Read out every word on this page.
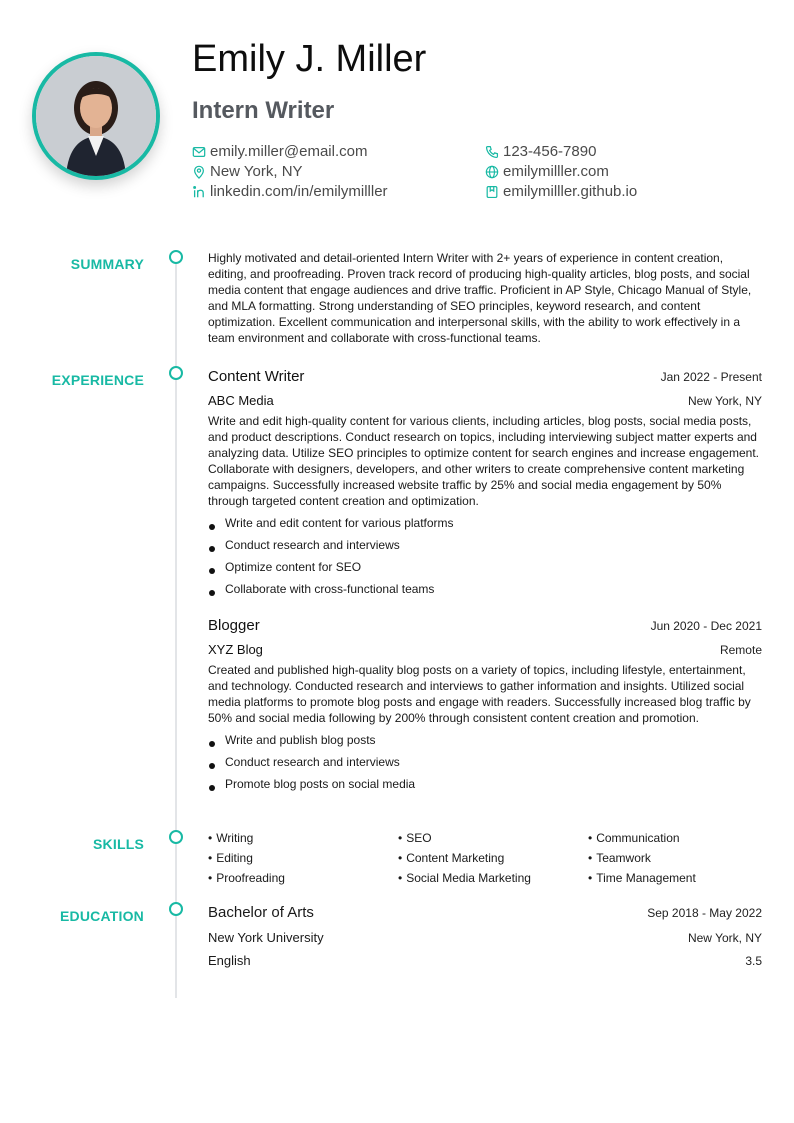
Emily J. Miller
Intern Writer
emily.miller@email.com	123-456-7890
New York, NY	emilymilller.com
linkedin.com/in/emilymilller	emilymilller.github.io
SUMMARY
EXPERIENCE
SKILLS
EDUCATION

Highly motivated and detail-oriented Intern Writer with 2+ years of experience in content creation, editing, and proofreading. Proven track record of producing high-quality articles, blog posts, and social media content that engage audiences and drive traffic. Proficient in AP Style, Chicago Manual of Style, and MLA formatting. Strong understanding of SEO principles, keyword research, and content optimization. Excellent communication and interpersonal skills, with the ability to work effectively in a team environment and collaborate with cross-functional teams.

Content Writer	Jan 2022 - Present
ABC Media	New York, NY

Write and edit high-quality content for various clients, including articles, blog posts, social media posts, and product descriptions. Conduct research on topics, including interviewing subject matter experts and analyzing data. Utilize SEO principles to optimize content for search engines and increase engagement. Collaborate with designers, developers, and other writers to create comprehensive content marketing campaigns. Successfully increased website traffic by 25% and social media engagement by 50% through targeted content creation and optimization.

Write and edit content for various platforms
Conduct research and interviews
Optimize content for SEO
Collaborate with cross-functional teams
Blogger	Jun 2020 - Dec 2021
XYZ Blog	Remote

Created and published high-quality blog posts on a variety of topics, including lifestyle, entertainment, and technology. Conducted research and interviews to gather information and insights. Utilized social media platforms to promote blog posts and engage with readers. Successfully increased blog traffic by 50% and social media following by 200% through consistent content creation and promotion.

Write and publish blog posts
Conduct research and interviews
Promote blog posts on social media
• Writing	• SEO	• Communication
• Editing	• Content Marketing	• Teamwork
• Proofreading	• Social Media Marketing	• Time Management
Bachelor of Arts	Sep 2018 - May 2022
New York University	New York, NY
English	3.5
